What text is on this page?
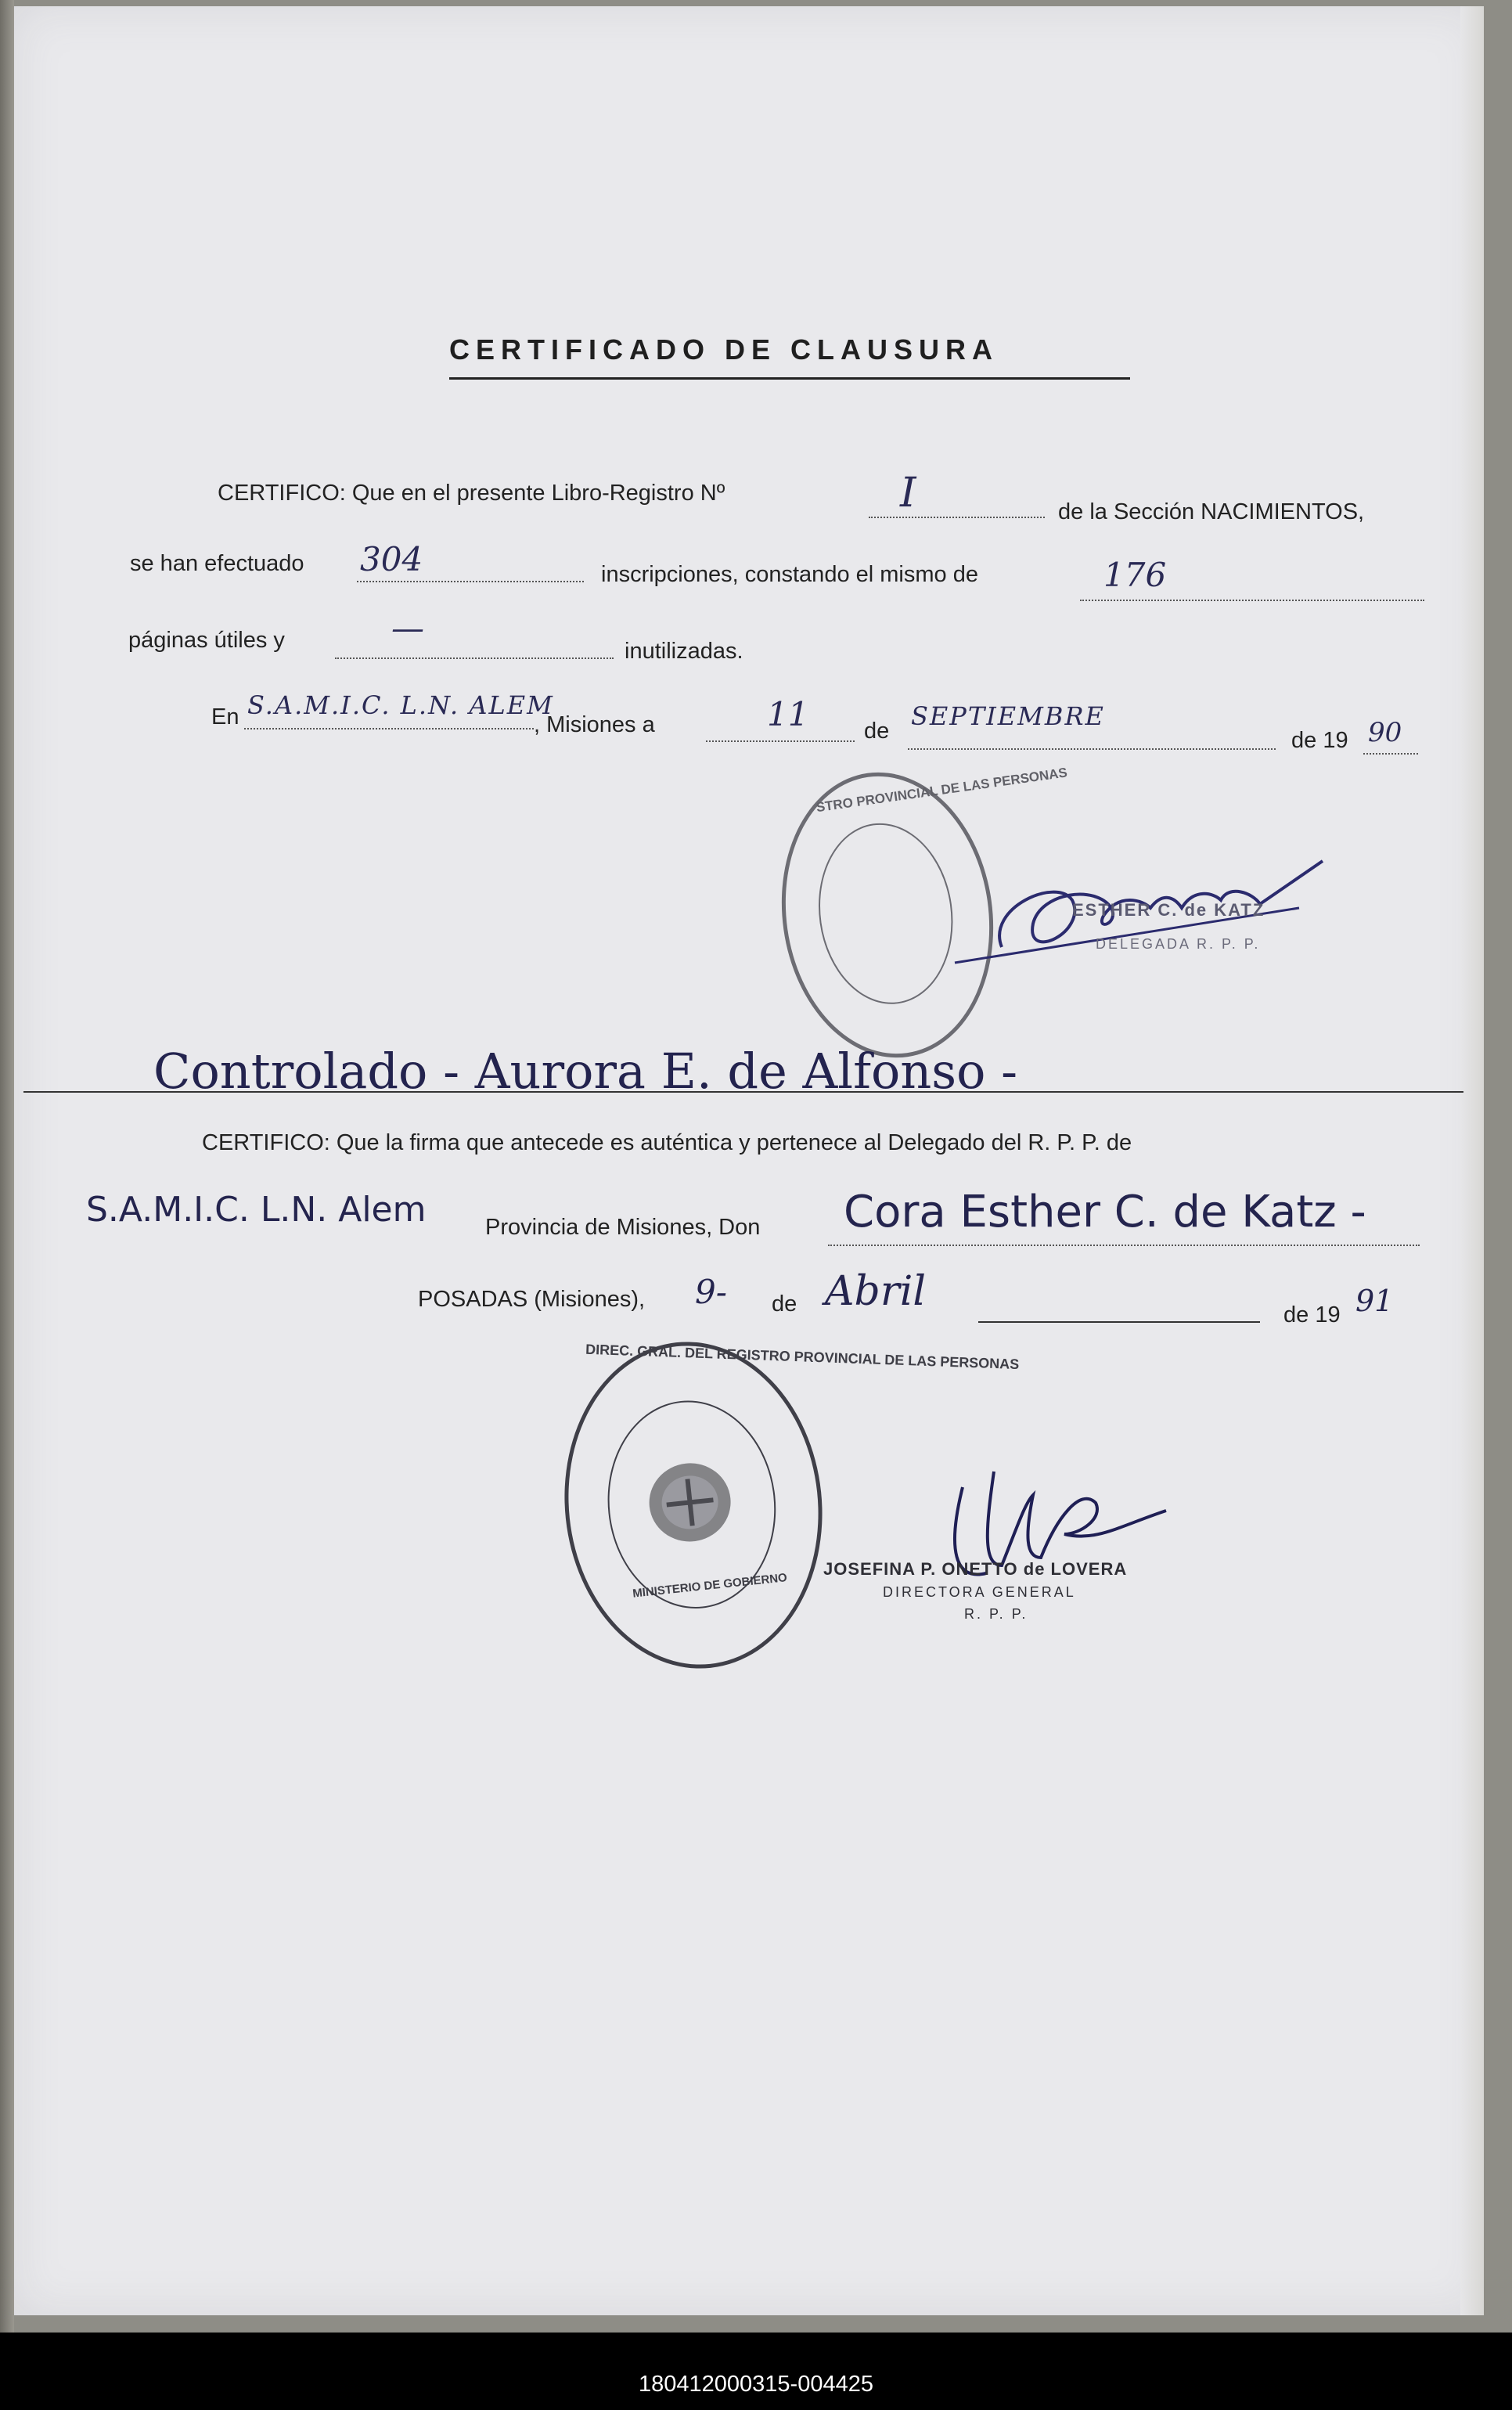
CERTIFICADO DE CLAUSURA
CERTIFICO: Que en el presente Libro-Registro Nº	I	de la Sección NACIMIENTOS,
se han efectuado 304	inscripciones, constando el mismo de	176
páginas útiles y	—
inutilizadas.
En S.A.M.I.C. L.N. ALEM
, Misiones a	11 de SEPTIEMBRE
de 19 90
STRO PROVINCIAL DE LAS PERSONAS
ESTHER C. de KATZ
DELEGADA R. P. P.
Controlado - Aurora E. de Alfonso -
CERTIFICO: Que la firma que antecede es auténtica y pertenece al Delegado del R. P. P. de
S.A.M.I.C. L.N. Alem	Provincia de Misiones, Don Cora Esther C. de Katz -
POSADAS (Misiones), 9- de Abril	de 19 91
DIREC. GRAL. DEL REGISTRO PROVINCIAL DE LAS PERSONAS
MINISTERIO DE GOBIERNO
JOSEFINA P. ONETTO de LOVERA
DIRECTORA GENERAL
R. P. P.
180412000315-004425
